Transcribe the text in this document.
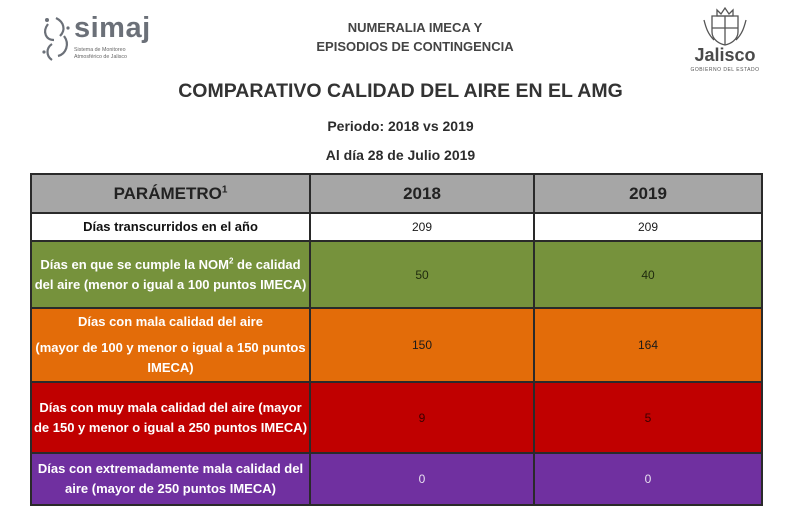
simaj
Sistema de Monitoreo Atmosférico de Jalisco
NUMERALIA IMECA Y
EPISODIOS DE CONTINGENCIA	Jalisco
GOBIERNO DEL ESTADO
COMPARATIVO CALIDAD DEL AIRE EN EL AMG
Periodo: 2018 vs 2019
Al día 28 de Julio 2019
PARÁMETRO$^1$	2018	2019
Días transcurridos en el año	209	209
Días en que se cumple la NOM$^2$ de calidad del aire (menor o igual a 100 puntos IMECA)	50	40

Días con mala calidad del aire
(mayor de 100 y menor o igual a 150 puntos IMECA)	150	164
Días con muy mala calidad del aire (mayor de 150 y menor o igual a 250 puntos IMECA)	9	5
Días con extremadamente mala calidad del aire (mayor de 250 puntos IMECA)	0	0
